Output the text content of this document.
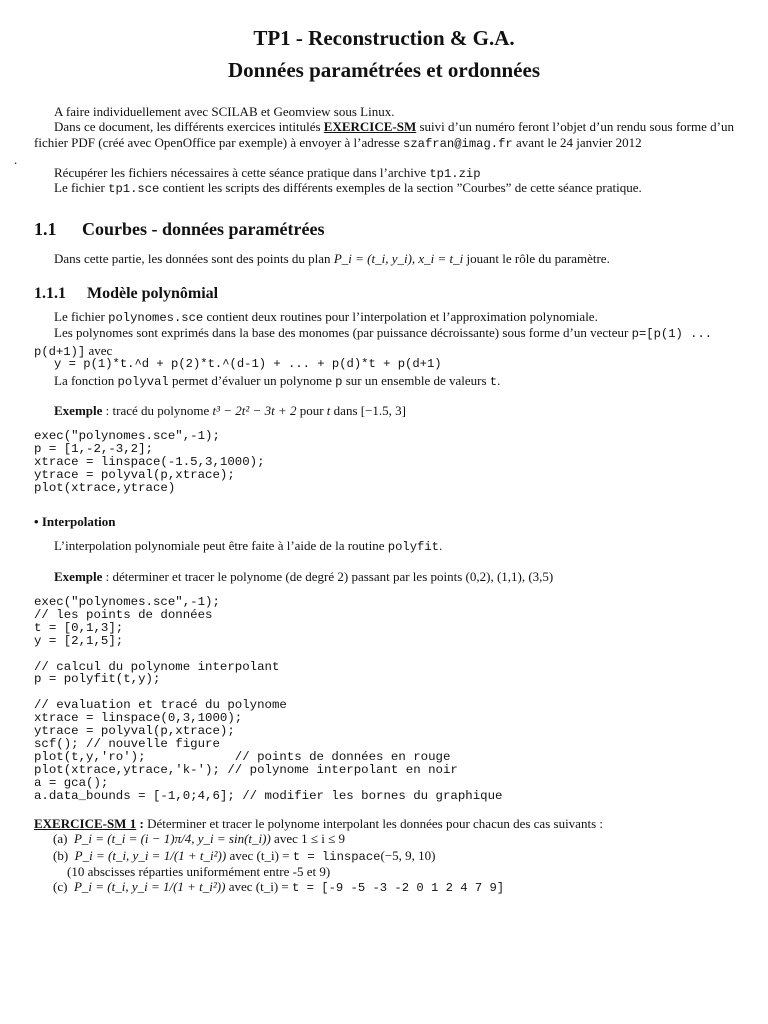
TP1 - Reconstruction & G.A.
Données paramétrées et ordonnées

A faire individuellement avec SCILAB et Geomview sous Linux.

Dans ce document, les différents exercices intitulés EXERCICE-SM suivi d’un numéro feront l’objet d’un rendu sous forme d’un fichier PDF (créé avec OpenOffice par exemple) à envoyer à l’adresse szafran@imag.fr avant le 24 janvier 2012
.

Récupérer les fichiers nécessaires à cette séance pratique dans l’archive tp1.zip

Le fichier tp1.sce contient les scripts des différents exemples de la section ”Courbes” de cette séance pratique.

1.1 Courbes - données paramétrées

Dans cette partie, les données sont des points du plan P_i = (t_i, y_i), x_i = t_i jouant le rôle du paramètre.

1.1.1 Modèle polynômial

Le fichier polynomes.sce contient deux routines pour l’interpolation et l’approximation polynomiale.

Les polynomes sont exprimés dans la base des monomes (par puissance décroissante) sous forme d’un vecteur p=[p(1) ... p(d+1)] avec

y = p(1)*t.^d + p(2)*t.^(d-1) + ... + p(d)*t + p(d+1)

La fonction polyval permet d’évaluer un polynome p sur un ensemble de valeurs t.

Exemple : tracé du polynome t³ − 2t² − 3t + 2 pour t dans [−1.5, 3]

exec("polynomes.sce",-1);
p = [1,-2,-3,2];
xtrace = linspace(-1.5,3,1000);
ytrace = polyval(p,xtrace);
plot(xtrace,ytrace)

• Interpolation

L’interpolation polynomiale peut être faite à l’aide de la routine polyfit.

Exemple : déterminer et tracer le polynome (de degré 2) passant par les points (0,2), (1,1), (3,5)

exec("polynomes.sce",-1);
// les points de données
t = [0,1,3];
y = [2,1,5];

// calcul du polynome interpolant
p = polyfit(t,y);

// evaluation et tracé du polynome
xtrace = linspace(0,3,1000);
ytrace = polyval(p,xtrace);
scf(); // nouvelle figure
plot(t,y,'ro');            // points de données en rouge
plot(xtrace,ytrace,'k-'); // polynome interpolant en noir
a = gca();
a.data_bounds = [-1,0;4,6]; // modifier les bornes du graphique

EXERCICE-SM 1 : Déterminer et tracer le polynome interpolant les données pour chacun des cas suivants :

(a) P_i = (t_i = (i − 1)π/4, y_i = sin(t_i)) avec 1 ≤ i ≤ 9

(b) P_i = (t_i, y_i = 1/(1 + t_i²)) avec (t_i) = t = linspace(−5, 9, 10)

(10 abscisses réparties uniformément entre -5 et 9)

(c) P_i = (t_i, y_i = 1/(1 + t_i²)) avec (t_i) = t = [-9 -5 -3 -2 0 1 2 4 7 9]
